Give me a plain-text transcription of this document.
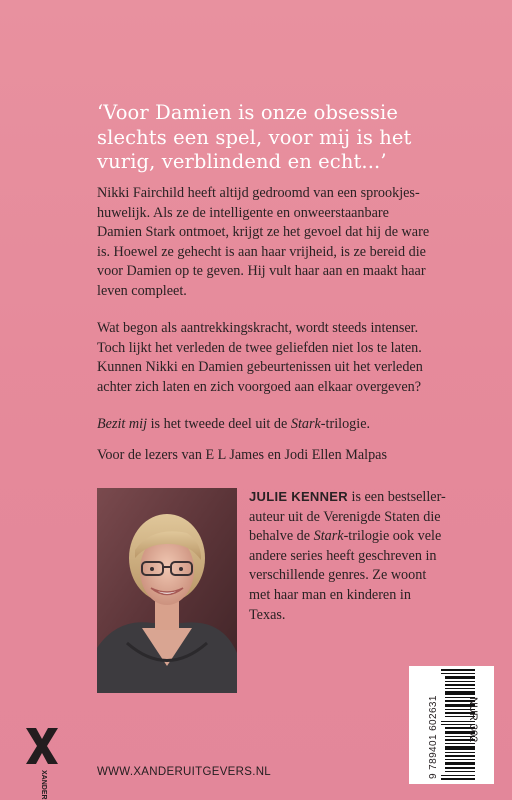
‘Voor Damien is onze obsessie
slechts een spel, voor mij is het
vurig, verblindend en echt...’
Nikki Fairchild heeft altijd gedroomd van een sprookjes-
huwelijk. Als ze de intelligente en onweerstaanbare
Damien Stark ontmoet, krijgt ze het gevoel dat hij de ware
is. Hoewel ze gehecht is aan haar vrijheid, is ze bereid die
voor Damien op te geven. Hij vult haar aan en maakt haar
leven compleet.
Wat begon als aantrekkingskracht, wordt steeds intenser.
Toch lijkt het verleden de twee geliefden niet los te laten.
Kunnen Nikki en Damien gebeurtenissen uit het verleden
achter zich laten en zich voorgoed aan elkaar overgeven?
Bezit mij is het tweede deel uit de Stark-trilogie.
Voor de lezers van E L James en Jodi Ellen Malpas
JULIE KENNER is een bestseller-
auteur uit de Verenigde Staten die
behalve de Stark-trilogie ook vele
andere series heeft geschreven in
verschillende genres. Ze woont
met haar man en kinderen in
Texas.
XANDER	WWW.XANDERUITGEVERS.NL
NUR 302
9 789401 602631
